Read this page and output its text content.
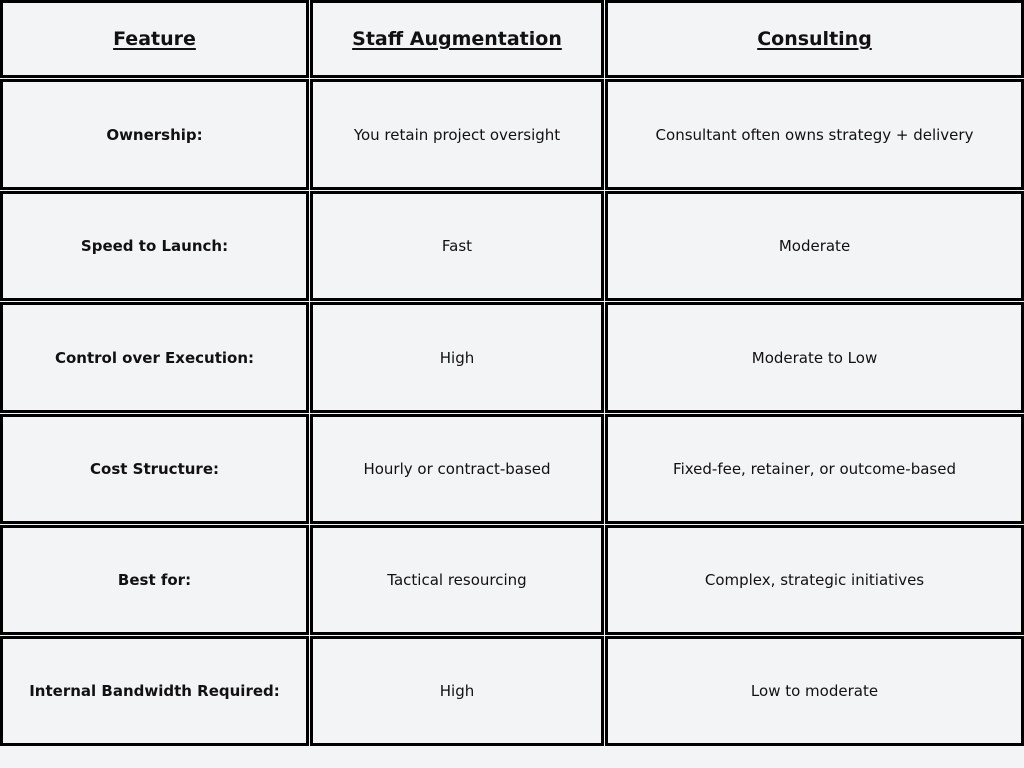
Feature	Staff Augmentation	Consulting
Ownership:	You retain project oversight	Consultant often owns strategy + delivery
Speed to Launch:	Fast	Moderate
Control over Execution:	High	Moderate to Low
Cost Structure:	Hourly or contract-based	Fixed-fee, retainer, or outcome-based
Best for:	Tactical resourcing	Complex, strategic initiatives
Internal Bandwidth Required:	High	Low to moderate
